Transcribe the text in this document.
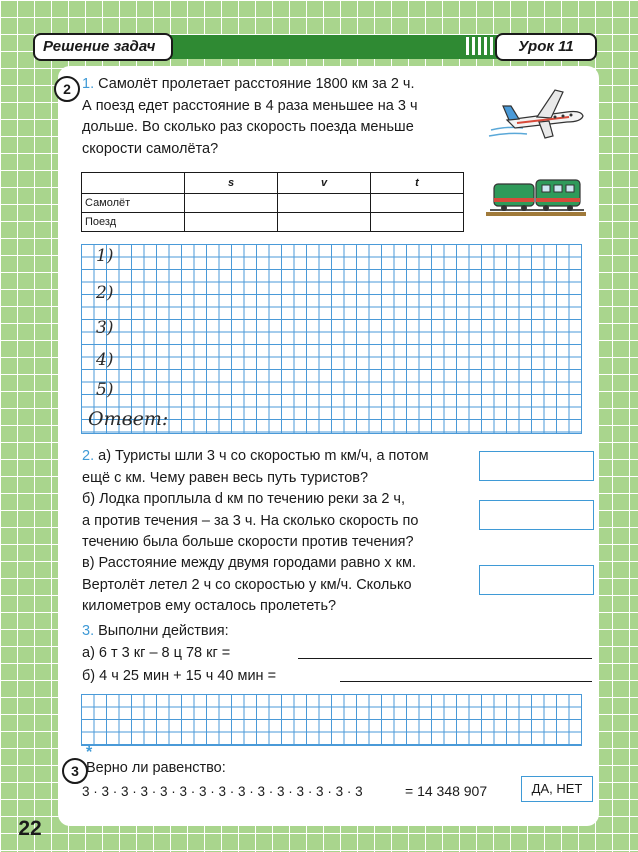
Решение задач	Урок 11
2 1. Самолёт пролетает расстояние 1800 км за 2 ч.
А поезд едет расстояние в 4 раза меньшее на 3 ч
дольше. Во сколько раз скорость поезда меньше
скорости самолёта?
	s	v	t
Самолёт			
Поезд			
1)
2)
3)
4)
5)
Ответ:
2. а) Туристы шли 3 ч со скоростью m км/ч, а потом
ещё c км. Чему равен весь путь туристов?
б) Лодка проплыла d км по течению реки за 2 ч,
а против течения – за 3 ч. На сколько скорость по
течению была больше скорости против течения?
в) Расстояние между двумя городами равно x км.
Вертолёт летел 2 ч со скоростью y км/ч. Сколько
километров ему осталось пролететь?
3. Выполни действия:
а) 6 т 3 кг – 8 ц 78 кг =
б) 4 ч 25 мин + 15 ч 40 мин =
3
*
Верно ли равенство:
3 · 3 · 3 · 3 · 3 · 3 · 3 · 3 · 3 · 3 · 3 · 3 · 3 · 3 · 3	= 14 348 907	ДА, НЕТ
22
